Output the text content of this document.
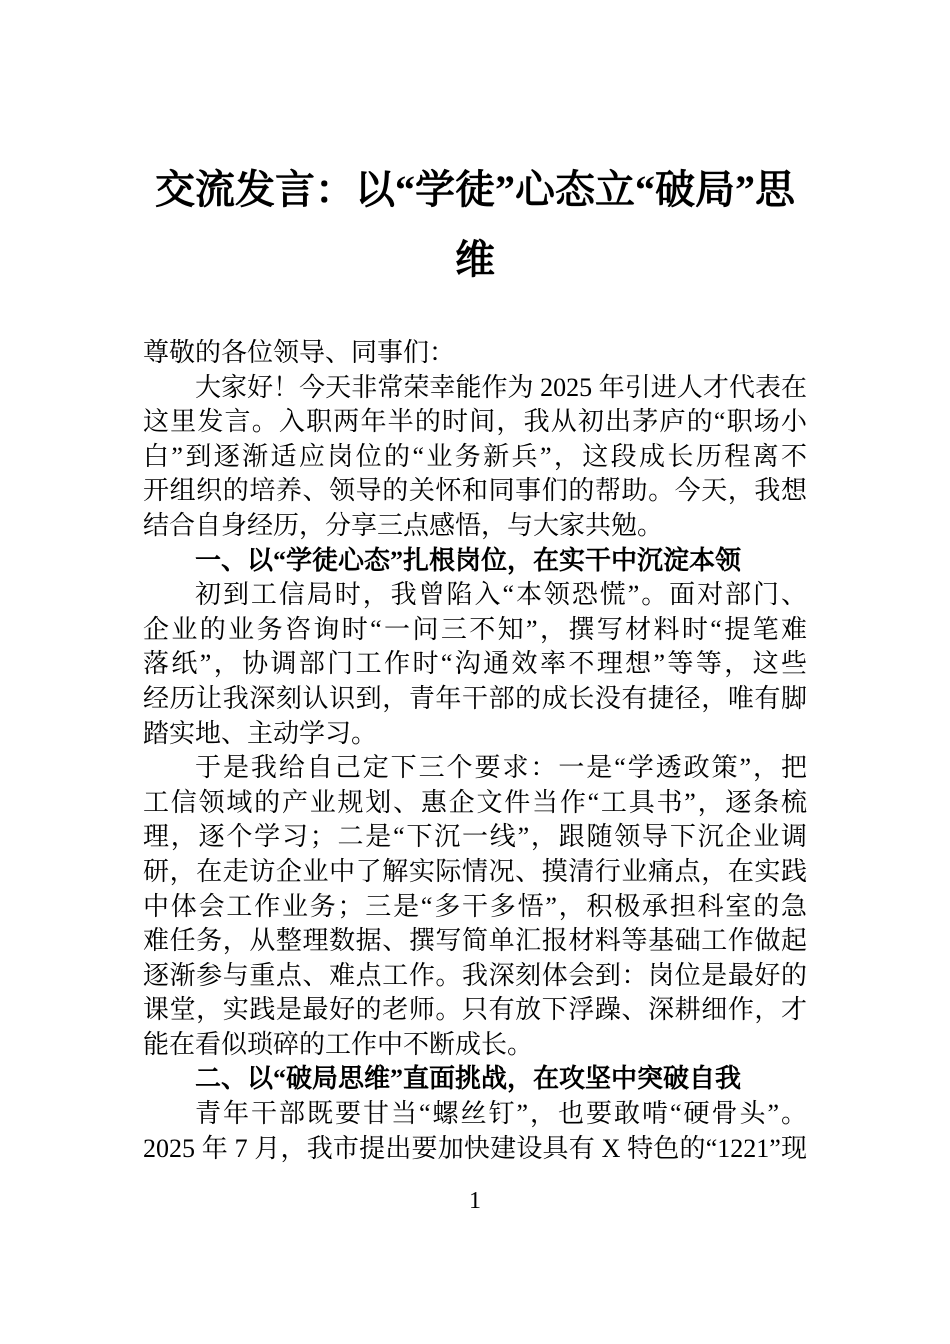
交流发言：以“学徒”心态立“破局”思
维
尊敬的各位领导、同事们：
大家好！今天非常荣幸能作为 2025 年引进人才代表在
这里发言。入职两年半的时间，我从初出茅庐的“职场小
白”到逐渐适应岗位的“业务新兵”，这段成长历程离不
开组织的培养、领导的关怀和同事们的帮助。今天，我想
结合自身经历，分享三点感悟，与大家共勉。
一、以“学徒心态”扎根岗位，在实干中沉淀本领
初到工信局时，我曾陷入“本领恐慌”。面对部门、
企业的业务咨询时“一问三不知”，撰写材料时“提笔难
落纸”，协调部门工作时“沟通效率不理想”等等，这些
经历让我深刻认识到，青年干部的成长没有捷径，唯有脚
踏实地、主动学习。
于是我给自己定下三个要求：一是“学透政策”，把
工信领域的产业规划、惠企文件当作“工具书”，逐条梳
理，逐个学习；二是“下沉一线”，跟随领导下沉企业调
研，在走访企业中了解实际情况、摸清行业痛点，在实践
中体会工作业务；三是“多干多悟”，积极承担科室的急
难任务，从整理数据、撰写简单汇报材料等基础工作做起
逐渐参与重点、难点工作。我深刻体会到：岗位是最好的
课堂，实践是最好的老师。只有放下浮躁、深耕细作，才
能在看似琐碎的工作中不断成长。
二、以“破局思维”直面挑战，在攻坚中突破自我
青年干部既要甘当“螺丝钉”，也要敢啃“硬骨头”。
2025 年 7 月，我市提出要加快建设具有 X 特色的“1221”现
1
